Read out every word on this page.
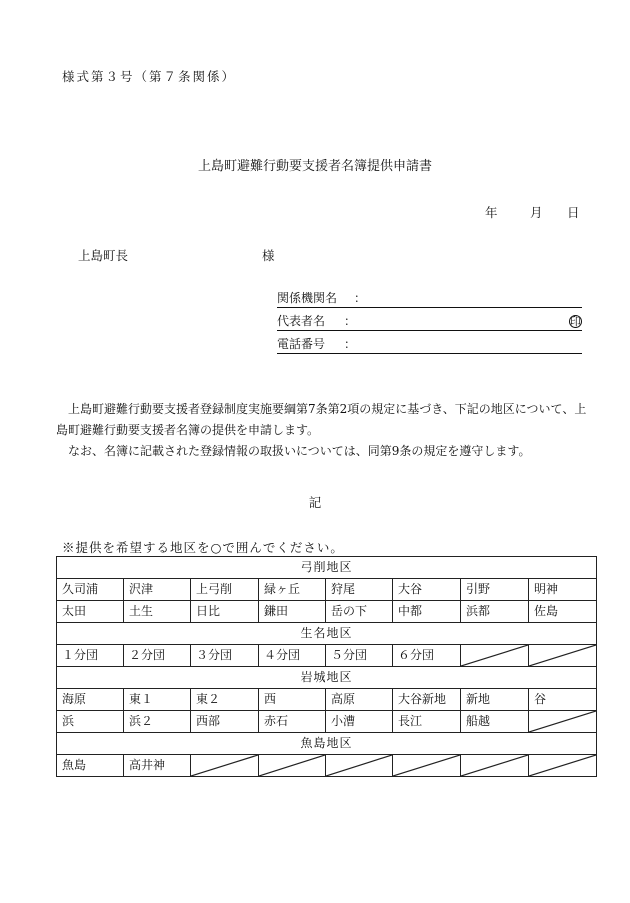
様式第３号（第７条関係）
上島町避難行動要支援者名簿提供申請書
年	月 日
上島町長	様
関係機関名 ：
代表者名 ：	印
電話番号 ：
上島町避難行動要支援者登録制度実施要綱第7条第2項の規定に基づき、下記の地区について、上島町避難行動要支援者名簿の提供を申請します。
なお、名簿に記載された登録情報の取扱いについては、同第9条の規定を遵守します。
記
※提供を希望する地区を○で囲んでください。
弓削地区							
久司浦	沢津	上弓削	緑ヶ丘	狩尾	大谷	引野	明神
太田	土生	日比	鎌田	岳の下	中都	浜都	佐島
生名地区							
１分団	２分団	３分団	４分団	５分団	６分団	

岩城地区							
海原	東１	東２	西	高原	大谷新地	新地	谷
浜	浜２	西部	赤石	小漕	長江	船越	

魚島地区							
魚島	高井神	
